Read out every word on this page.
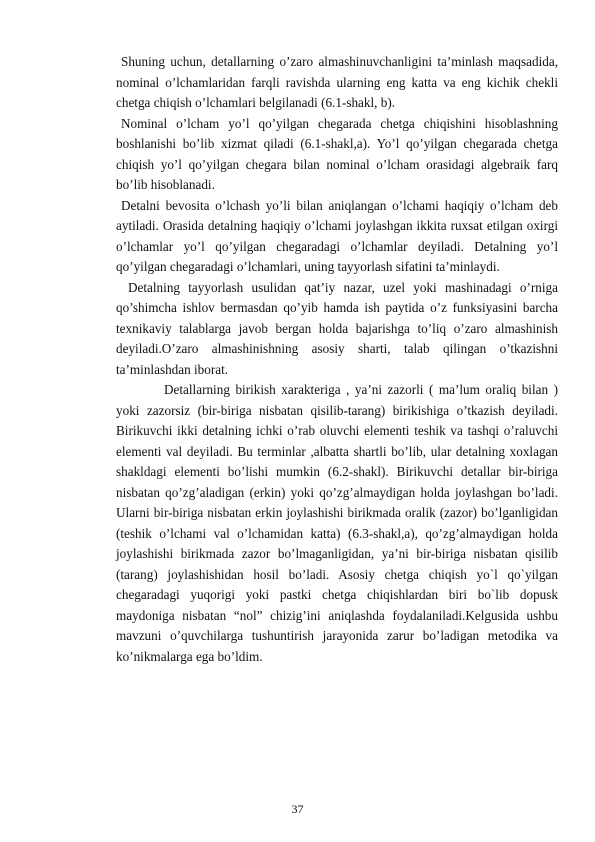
Shuning uchun, detallarning o’zaro almashinuvchanligini ta’minlash maqsadida, nominal o’lchamlaridan farqli ravishda ularning eng katta va eng kichik chekli chetga chiqish o’lchamlari belgilanadi (6.1-shakl, b).

Nominal o’lcham yo’l qo’yilgan chegarada chetga chiqishini hisoblashning boshlanishi bo’lib xizmat qiladi (6.1-shakl,a). Yo’l qo’yilgan chegarada chetga chiqish yo’l qo’yilgan chegara bilan nominal o’lcham orasidagi algebraik farq bo’lib hisoblanadi.

Detalni bevosita o’lchash yo’li bilan aniqlangan o’lchami haqiqiy o’lcham deb aytiladi. Orasida detalning haqiqiy o’lchami joylashgan ikkita ruxsat etilgan oxirgi o’lchamlar yo’l qo’yilgan chegaradagi o’lchamlar deyiladi. Detalning yo’l qo’yilgan chegaradagi o’lchamlari, uning tayyorlash sifatini ta’minlaydi.

Detalning tayyorlash usulidan qat’iy nazar, uzel yoki mashinadagi o’rniga qo’shimcha ishlov bermasdan qo’yib hamda ish paytida o’z funksiyasini barcha texnikaviy talablarga javob bergan holda bajarishga to’liq o’zaro almashinish deyiladi.O’zaro almashinishning asosiy sharti, talab qilingan o’tkazishni ta’minlashdan iborat.

Detallarning birikish xarakteriga , ya’ni zazorli ( ma’lum oraliq bilan ) yoki zazorsiz (bir-biriga nisbatan qisilib-tarang) birikishiga o’tkazish deyiladi. Birikuvchi ikki detalning ichki o’rab oluvchi elementi teshik va tashqi o’raluvchi elementi val deyiladi. Bu terminlar ,albatta shartli bo’lib, ular detalning xoxlagan shakldagi elementi bo’lishi mumkin (6.2-shakl). Birikuvchi detallar bir-biriga nisbatan qo’zg’aladigan (erkin) yoki qo’zg’almaydigan holda joylashgan bo’ladi. Ularni bir-biriga nisbatan erkin joylashishi birikmada oralik (zazor) bo’lganligidan (teshik o’lchami val o’lchamidan katta) (6.3-shakl,a), qo’zg’almaydigan holda joylashishi birikmada zazor bo’lmaganligidan, ya’ni bir-biriga nisbatan qisilib (tarang) joylashishidan hosil bo’ladi. Asosiy chetga chiqish yo`l qo`yilgan chegaradagi yuqorigi yoki pastki chetga chiqishlardan biri bo`lib dopusk maydoniga nisbatan “nol” chizig’ini aniqlashda foydalaniladi.Kelgusida ushbu mavzuni o’quvchilarga tushuntirish jarayonida zarur bo’ladigan metodika va ko’nikmalarga ega bo’ldim.

37
